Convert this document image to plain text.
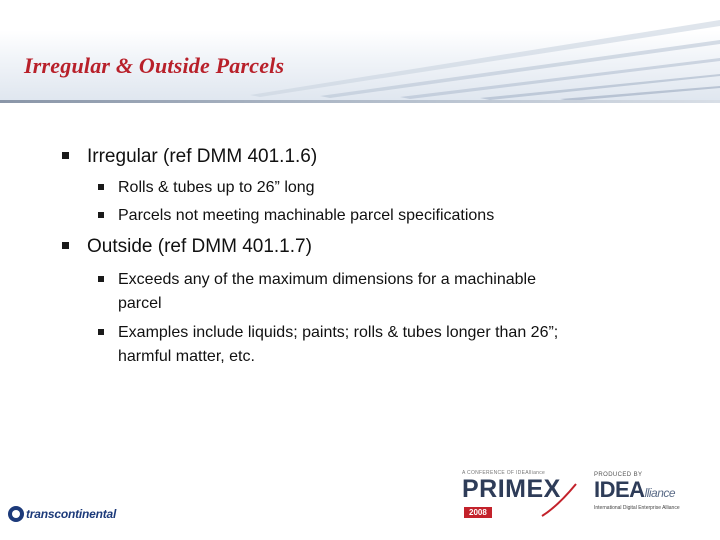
Irregular & Outside Parcels
Irregular (ref DMM 401.1.6)
Rolls & tubes up to 26” long
Parcels not meeting machinable parcel specifications
Outside (ref DMM 401.1.7)
Exceeds any of the maximum dimensions for a machinable
parcel
Examples include liquids; paints; rolls & tubes longer than 26”;
harmful matter, etc.
transcontinental
A CONFERENCE OF IDEAlliance
PRIMEX
2008
PRODUCED BY
IDEAlliance
International Digital Enterprise Alliance
